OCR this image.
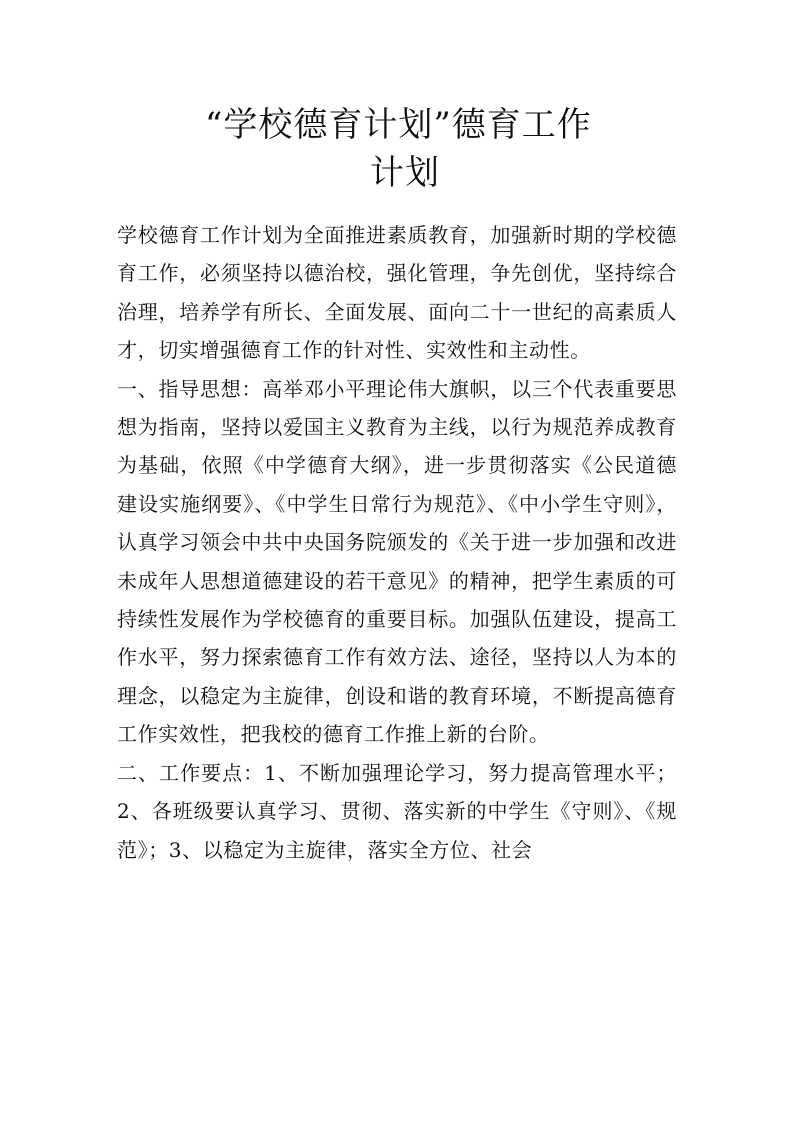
“学校德育计划”德育工作
计划

学校德育工作计划为全面推进素质教育，加强新时期的学校德育工作，必须坚持以德治校，强化管理，争先创优，坚持综合治理，培养学有所长、全面发展、面向二十一世纪的高素质人才，切实增强德育工作的针对性、实效性和主动性。

一、指导思想：高举邓小平理论伟大旗帜，以三个代表重要思想为指南，坚持以爱国主义教育为主线，以行为规范养成教育为基础，依照《中学德育大纲》，进一步贯彻落实《公民道德建设实施纲要》、《中学生日常行为规范》、《中小学生守则》，认真学习领会中共中央国务院颁发的《关于进一步加强和改进未成年人思想道德建设的若干意见》的精神，把学生素质的可持续性发展作为学校德育的重要目标。加强队伍建设，提高工作水平，努力探索德育工作有效方法、途径，坚持以人为本的理念，以稳定为主旋律，创设和谐的教育环境，不断提高德育工作实效性，把我校的德育工作推上新的台阶。

二、工作要点：1、不断加强理论学习，努力提高管理水平；2、各班级要认真学习、贯彻、落实新的中学生《守则》、《规范》；3、以稳定为主旋律，落实全方位、社会
